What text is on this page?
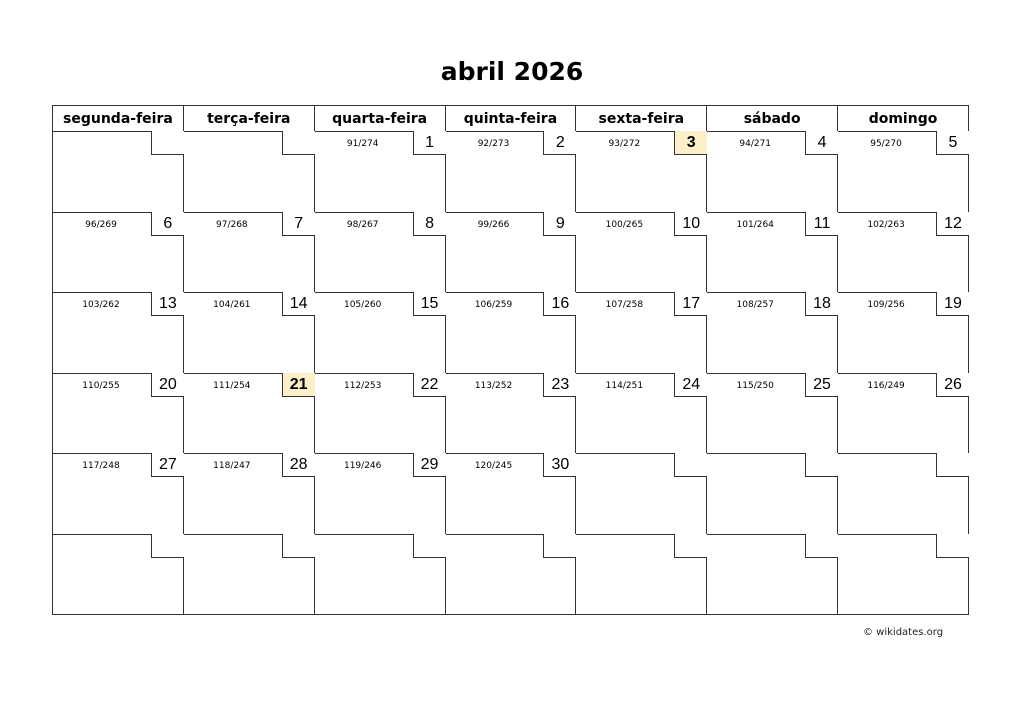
abril 2026
segunda-feira	terça-feira	quarta-feira	quinta-feira	sexta-feira	sábado	domingo

		91/274 1	92/273 2	93/272 3	94/271 4	95/270 5

96/269 6	97/268 7	98/267 8	99/266 9	100/265 10	101/264 11	102/263 12

103/262 13	104/261 14	105/260 15	106/259 16	107/258 17	108/257 18	109/256 19

110/255 20	111/254 21	112/253 22	113/252 23	114/251 24	115/250 25	116/249 26

117/248 27	118/247 28	119/246 29	120/245 30			

© wikidates.org
